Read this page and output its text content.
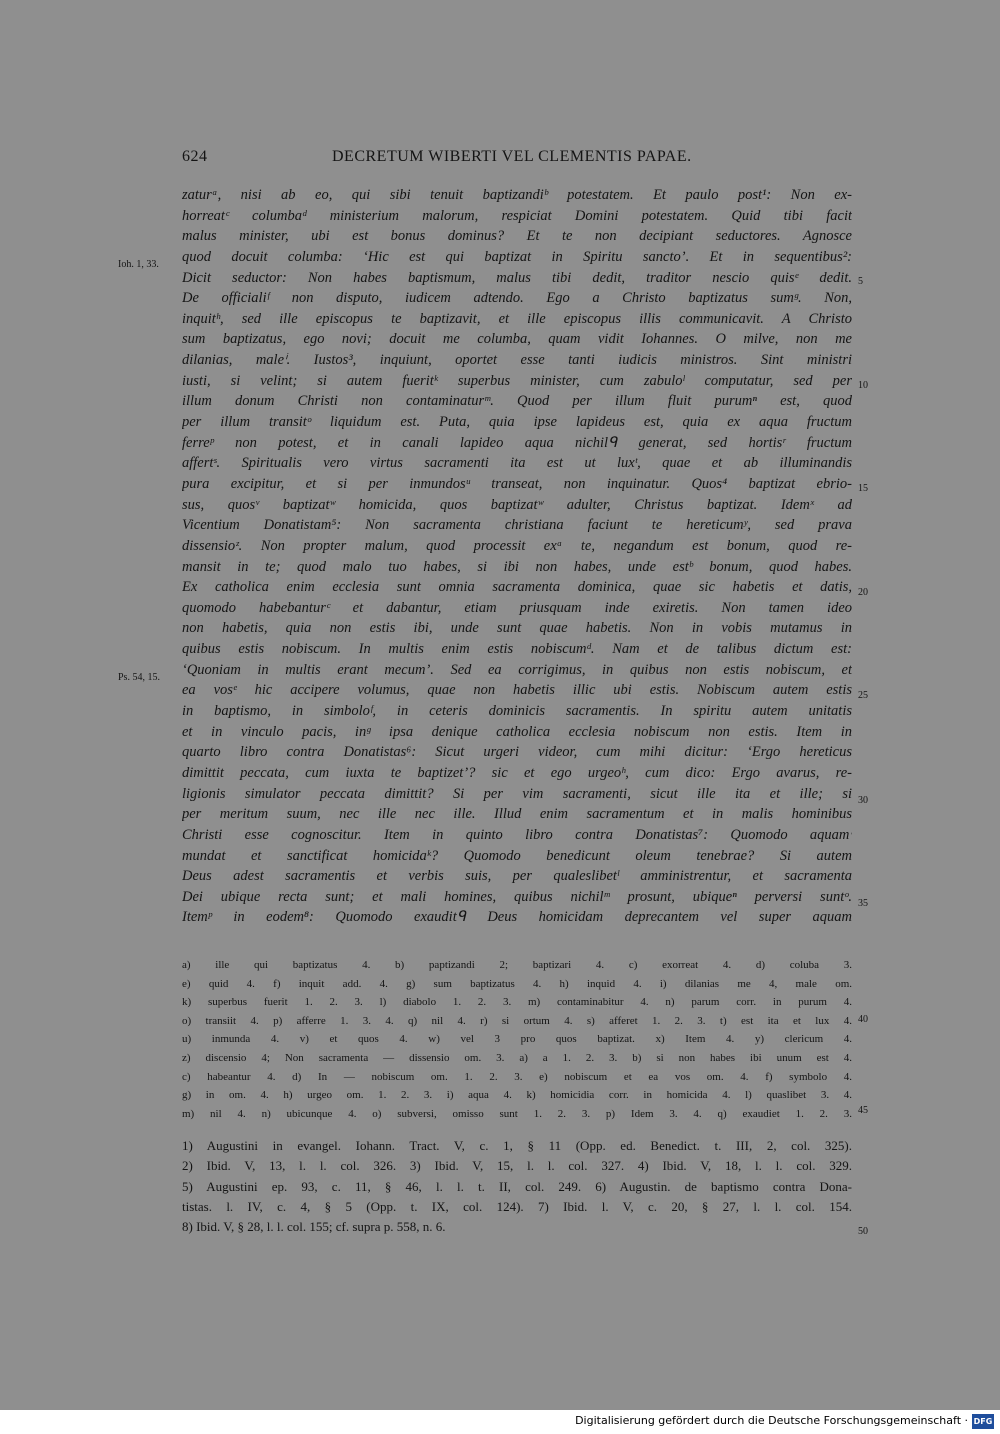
624	DECRETUM WIBERTI VEL CLEMENTIS PAPAE.
zaturᵃ, nisi ab eo, qui sibi tenuit baptizandiᵇ potestatem. Et paulo post¹: Non ex-
horreatᶜ columbaᵈ ministerium malorum, respiciat Domini potestatem. Quid tibi facit
malus minister, ubi est bonus dominus? Et te non decipiant seductores. Agnosce
quod docuit columba: ‘Hic est qui baptizat in Spiritu sancto’. Et in sequentibus²:
Dicit seductor: Non habes baptismum, malus tibi dedit, traditor nescio quisᵉ dedit.
De officialiᶠ non disputo, iudicem adtendo. Ego a Christo baptizatus sumᵍ. Non,
inquitʰ, sed ille episcopus te baptizavit, et ille episcopus illis communicavit. A Christo
sum baptizatus, ego novi; docuit me columba, quam vidit Iohannes. O milve, non me
dilanias, maleⁱ. Iustos³, inquiunt, oportet esse tanti iudicis ministros. Sint ministri
iusti, si velint; si autem fueritᵏ superbus minister, cum zabuloˡ computatur, sed per
illum donum Christi non contaminaturᵐ. Quod per illum fluit purumⁿ est, quod
per illum transitᵒ liquidum est. Puta, quia ipse lapideus est, quia ex aqua fructum
ferreᵖ non potest, et in canali lapideo aqua nichilᑫ generat, sed hortisʳ fructum
affertˢ. Spiritualis vero virtus sacramenti ita est ut luxᵗ, quae et ab illuminandis
pura excipitur, et si per inmundosᵘ transeat, non inquinatur. Quos⁴ baptizat ebrio-
sus, quosᵛ baptizatʷ homicida, quos baptizatʷ adulter, Christus baptizat. Idemˣ ad
Vicentium Donatistam⁵: Non sacramenta christiana faciunt te hereticumʸ, sed prava
dissensioᶻ. Non propter malum, quod processit exᵃ te, negandum est bonum, quod re-
mansit in te; quod malo tuo habes, si ibi non habes, unde estᵇ bonum, quod habes.
Ex catholica enim ecclesia sunt omnia sacramenta dominica, quae sic habetis et datis,
quomodo habebanturᶜ et dabantur, etiam priusquam inde exiretis. Non tamen ideo
non habetis, quia non estis ibi, unde sunt quae habetis. Non in vobis mutamus in
quibus estis nobiscum. In multis enim estis nobiscumᵈ. Nam et de talibus dictum est:
‘Quoniam in multis erant mecum’. Sed ea corrigimus, in quibus non estis nobiscum, et
ea vosᵉ hic accipere volumus, quae non habetis illic ubi estis. Nobiscum autem estis
in baptismo, in simboloᶠ, in ceteris dominicis sacramentis. In spiritu autem unitatis
et in vinculo pacis, inᵍ ipsa denique catholica ecclesia nobiscum non estis. Item in
quarto libro contra Donatistas⁶: Sicut urgeri videor, cum mihi dicitur: ‘Ergo hereticus
dimittit peccata, cum iuxta te baptizet’? sic et ego urgeoʰ, cum dico: Ergo avarus, re-
ligionis simulator peccata dimittit? Si per vim sacramenti, sicut ille ita et ille; si
per meritum suum, nec ille nec ille. Illud enim sacramentum et in malis hominibus
Christi esse cognoscitur. Item in quinto libro contra Donatistas⁷: Quomodo aquamⁱ
mundat et sanctificat homicidaᵏ? Quomodo benedicunt oleum tenebrae? Si autem
Deus adest sacramentis et verbis suis, per qualeslibetˡ amministrentur, et sacramenta
Dei ubique recta sunt; et mali homines, quibus nichilᵐ prosunt, ubiqueⁿ perversi suntᵒ.
Itemᵖ in eodem⁸: Quomodo exauditᑫ Deus homicidam deprecantem vel super aquam
Ioh. 1, 33.
Ps. 54, 15.
5
10
15
20
25
30
35
a) ille qui baptizatus 4. b) paptizandi 2; baptizari 4. c) exorreat 4. d) coluba 3.
e) quid 4. f) inquit add. 4. g) sum baptizatus 4. h) inquid 4. i) dilanias me 4, male om.
k) superbus fuerit 1. 2. 3. l) diabolo 1. 2. 3. m) contaminabitur 4. n) parum corr. in purum 4.
o) transiit 4. p) afferre 1. 3. 4. q) nil 4. r) si ortum 4. s) afferet 1. 2. 3. t) est ita et lux 4.
u) inmunda 4. v) et quos 4. w) vel 3 pro quos baptizat. x) Item 4. y) clericum 4.
z) discensio 4; Non sacramenta — dissensio om. 3. a) a 1. 2. 3. b) si non habes ibi unum est 4.
c) habeantur 4. d) In — nobiscum om. 1. 2. 3. e) nobiscum et ea vos om. 4. f) symbolo 4.
g) in om. 4. h) urgeo om. 1. 2. 3. i) aqua 4. k) homicidia corr. in homicida 4. l) quaslibet 3. 4.
m) nil 4. n) ubicunque 4. o) subversi, omisso sunt 1. 2. 3. p) Idem 3. 4. q) exaudiet 1. 2. 3.
40
45
1) Augustini in evangel. Iohann. Tract. V, c. 1, § 11 (Opp. ed. Benedict. t. III, 2, col. 325).
2) Ibid. V, 13, l. l. col. 326. 3) Ibid. V, 15, l. l. col. 327. 4) Ibid. V, 18, l. l. col. 329.
5) Augustini ep. 93, c. 11, § 46, l. l. t. II, col. 249. 6) Augustin. de baptismo contra Dona-
tistas. l. IV, c. 4, § 5 (Opp. t. IX, col. 124). 7) Ibid. l. V, c. 20, § 27, l. l. col. 154.
8) Ibid. V, § 28, l. l. col. 155; cf. supra p. 558, n. 6.	50
Digitalisierung gefördert durch die Deutsche Forschungsgemeinschaft · DFG
